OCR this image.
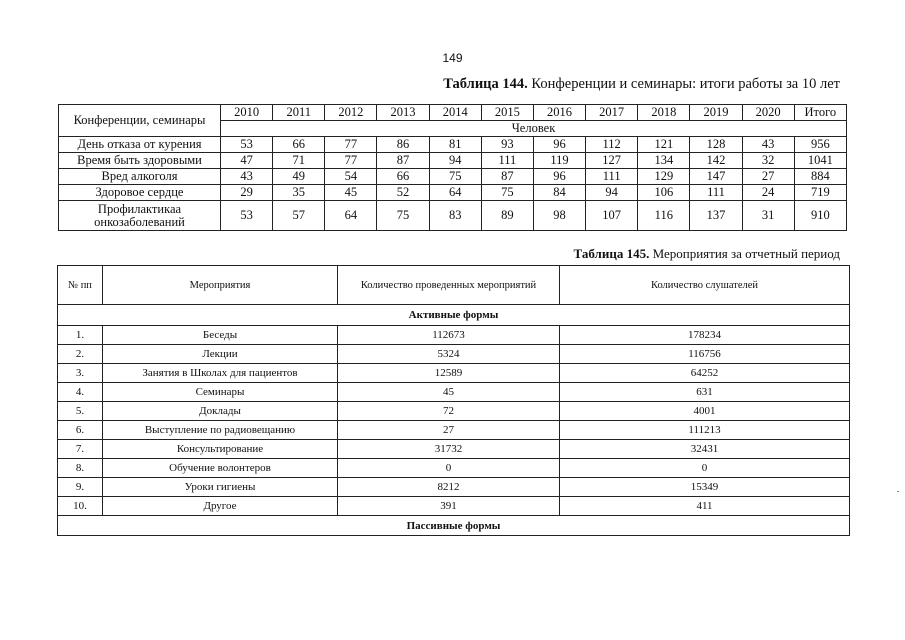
149
Таблица 144. Конференции и семинары: итоги работы за 10 лет
Конференции, семинары	2010	2011	2012	2013	2014	2015	2016	2017	2018	2019	2020	Итого
	Человек											
День отказа от курения	53	66	77	86	81	93	96	112	121	128	43	956
Время быть здоровыми	47	71	77	87	94	111	119	127	134	142	32	1041
Вред алкоголя	43	49	54	66	75	87	96	111	129	147	27	884
Здоровое сердце	29	35	45	52	64	75	84	94	106	111	24	719
Профилактикаа онкозаболеваний	53	57	64	75	83	89	98	107	116	137	31	910
Таблица 145. Мероприятия за отчетный период
№ пп	Мероприятия	Количество проведенных мероприятий	Количество слушателей
Активные формы			
1.	Беседы	112673	178234
2.	Лекции	5324	116756
3.	Занятия в Школах для пациентов	12589	64252
4.	Семинары	45	631
5.	Доклады	72	4001
6.	Выступление по радиовещанию	27	111213
7.	Консультирование	31732	32431
8.	Обучение волонтеров	0	0
9.	Уроки гигиены	8212	15349
10.	Другое	391	411
Пассивные формы			
